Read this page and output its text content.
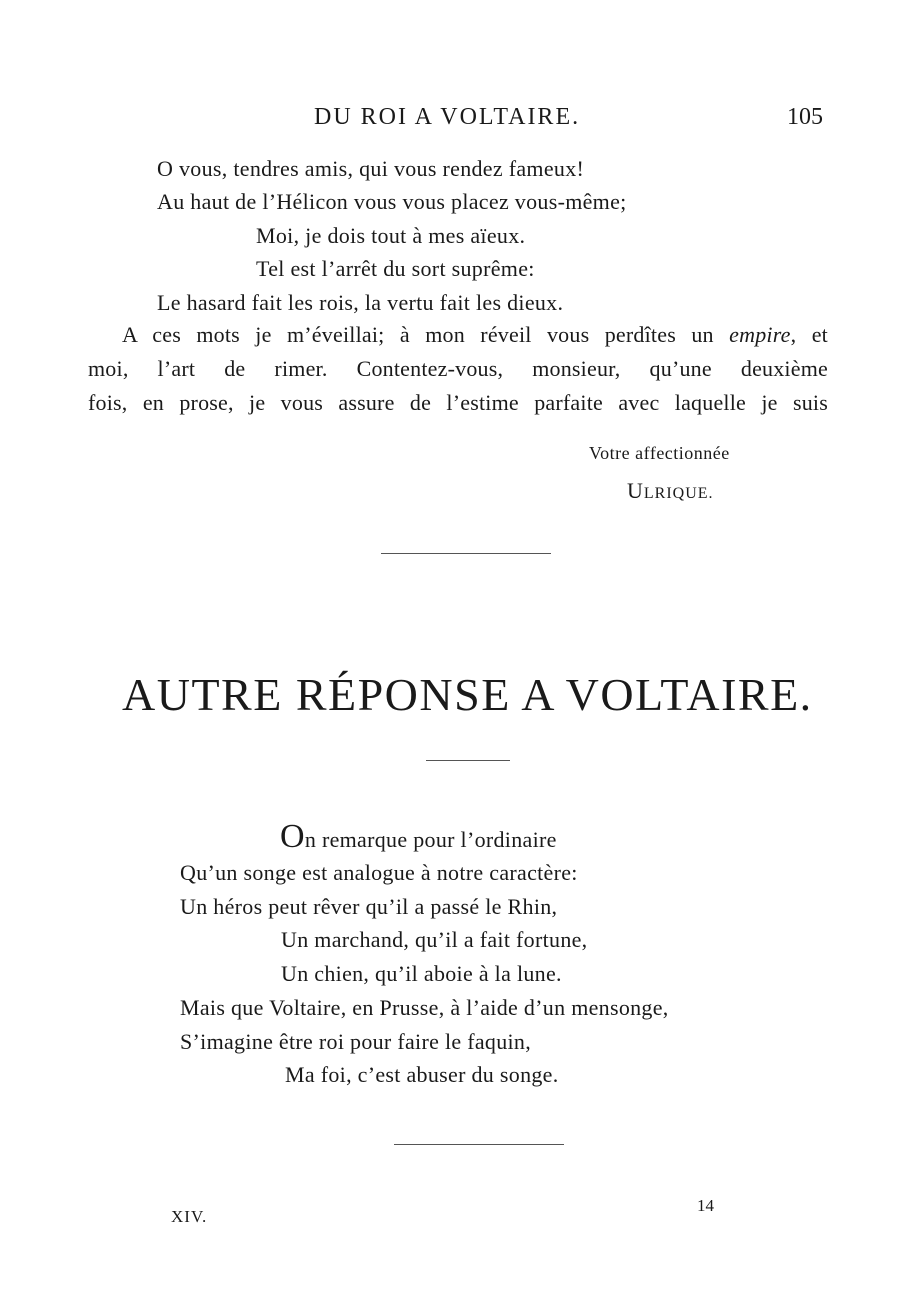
DU ROI A VOLTAIRE.	105
O vous, tendres amis, qui vous rendez fameux!
Au haut de l’Hélicon vous vous placez vous-même;
Moi, je dois tout à mes aïeux.
Tel est l’arrêt du sort suprême:
Le hasard fait les rois, la vertu fait les dieux.
A ces mots je m’éveillai; à mon réveil vous perdîtes un empire, et
moi, l’art de rimer. Contentez-vous, monsieur, qu’une deuxième
fois, en prose, je vous assure de l’estime parfaite avec laquelle je suis
Votre affectionnée
ULRIQUE.
AUTRE RÉPONSE A VOLTAIRE.
On remarque pour l’ordinaire
Qu’un songe est analogue à notre caractère:
Un héros peut rêver qu’il a passé le Rhin,
Un marchand, qu’il a fait fortune,
Un chien, qu’il aboie à la lune.
Mais que Voltaire, en Prusse, à l’aide d’un mensonge,
S’imagine être roi pour faire le faquin,
Ma foi, c’est abuser du songe.
XIV.
14
